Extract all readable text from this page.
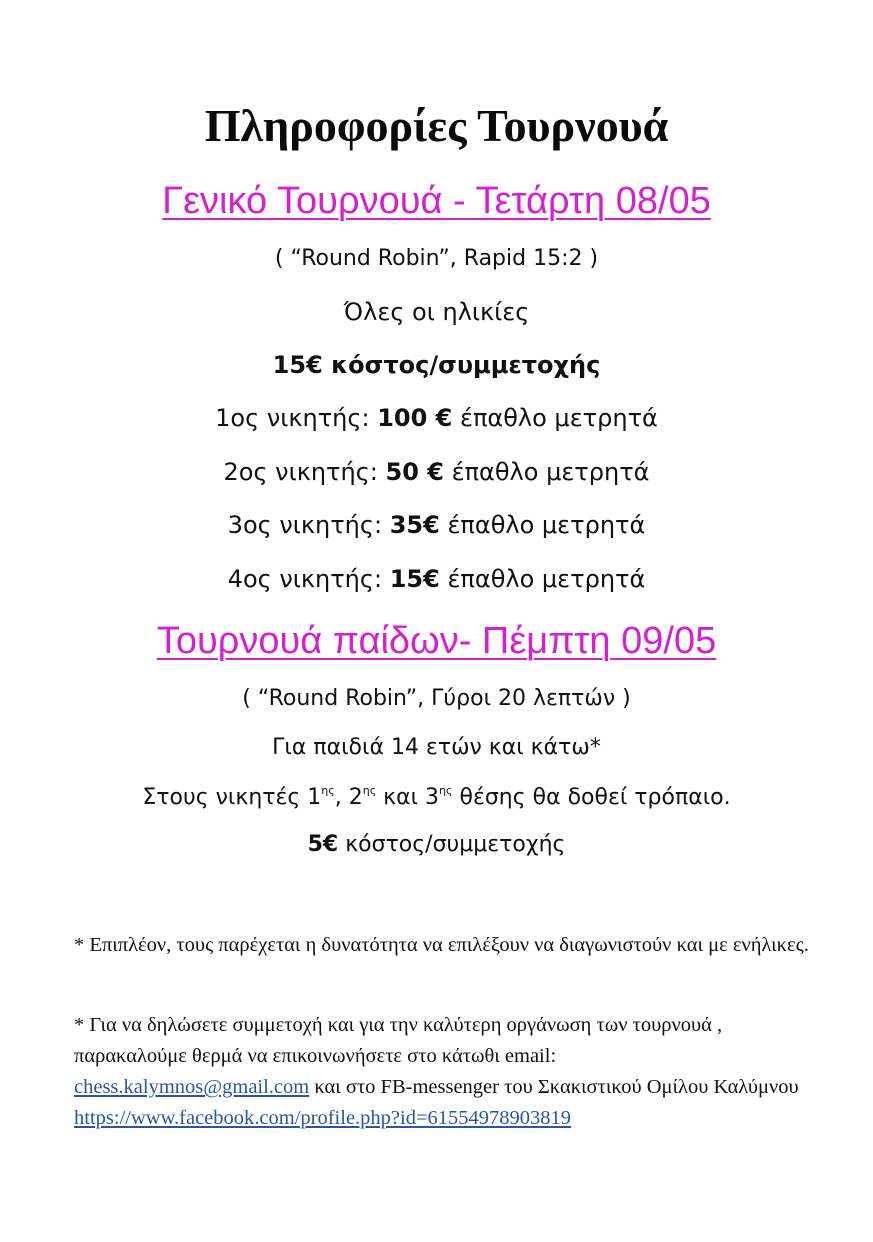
Πληροφορίες Τουρνουά
Γενικό Τουρνουά - Τετάρτη 08/05
( “Round Robin”, Rapid 15:2 )
Όλες οι ηλικίες
15€ κόστος/συμμετοχής
1ος νικητής: 100 € έπαθλο μετρητά
2ος νικητής: 50 € έπαθλο μετρητά
3ος νικητής: 35€ έπαθλο μετρητά
4ος νικητής: 15€ έπαθλο μετρητά
Τουρνουά παίδων- Πέμπτη 09/05
( “Round Robin”, Γύροι 20 λεπτών )
Για παιδιά 14 ετών και κάτω*
Στους νικητές $1^{\eta\varsigma}$, $2^{\eta\varsigma}$ και $3^{\eta\varsigma}$ θέσης θα δοθεί τρόπαιο.
5€ κόστος/συμμετοχής
* Επιπλέον, τους παρέχεται η δυνατότητα να επιλέξουν να διαγωνιστούν και με ενήλικες.
* Για να δηλώσετε συμμετοχή και για την καλύτερη οργάνωση των τουρνουά , παρακαλούμε θερμά να επικοινωνήσετε στο κάτωθι email:
chess.kalymnos@gmail.com και στο FB-messenger του Σκακιστικού Ομίλου Καλύμνου
https://www.facebook.com/profile.php?id=61554978903819
